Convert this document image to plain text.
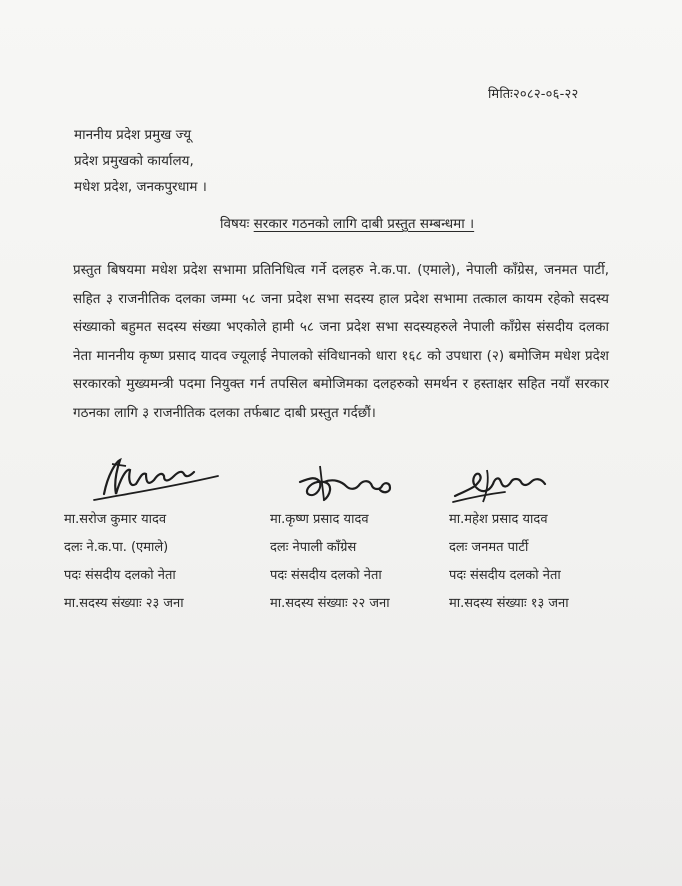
मितिः२०८२-०६-२२
माननीय प्रदेश प्रमुख ज्यू
प्रदेश प्रमुखको कार्यालय,
मधेश प्रदेश, जनकपुरधाम ।
विषयः सरकार गठनको लागि दाबी प्रस्तुत सम्बन्धमा ।
प्रस्तुत बिषयमा मधेश प्रदेश सभामा प्रतिनिधित्व गर्ने दलहरु ने.क.पा. (एमाले), नेपाली काँग्रेस, जनमत पार्टी, सहित ३ राजनीतिक दलका जम्मा ५८ जना प्रदेश सभा सदस्य हाल प्रदेश सभामा तत्काल कायम रहेको सदस्य संख्याको बहुमत सदस्य संख्या भएकोले हामी ५८ जना प्रदेश सभा सदस्यहरुले नेपाली काँग्रेस संसदीय दलका नेता माननीय कृष्ण प्रसाद यादव ज्यूलाई नेपालको संविधानको धारा १६८ को उपधारा (२) बमोजिम मधेश प्रदेश सरकारको मुख्यमन्त्री पदमा नियुक्त गर्न तपसिल बमोजिमका दलहरुको समर्थन र हस्ताक्षर सहित नयाँ सरकार गठनका लागि ३ राजनीतिक दलका तर्फबाट दाबी प्रस्तुत गर्दछौं।
मा.सरोज कुमार यादव
दलः ने.क.पा. (एमाले)
पदः संसदीय दलको नेता
मा.सदस्य संख्याः २३ जना
मा.कृष्ण प्रसाद यादव
दलः नेपाली काँग्रेस
पदः संसदीय दलको नेता
मा.सदस्य संख्याः २२ जना
मा.महेश प्रसाद यादव
दलः जनमत पार्टी
पदः संसदीय दलको नेता
मा.सदस्य संख्याः १३ जना
